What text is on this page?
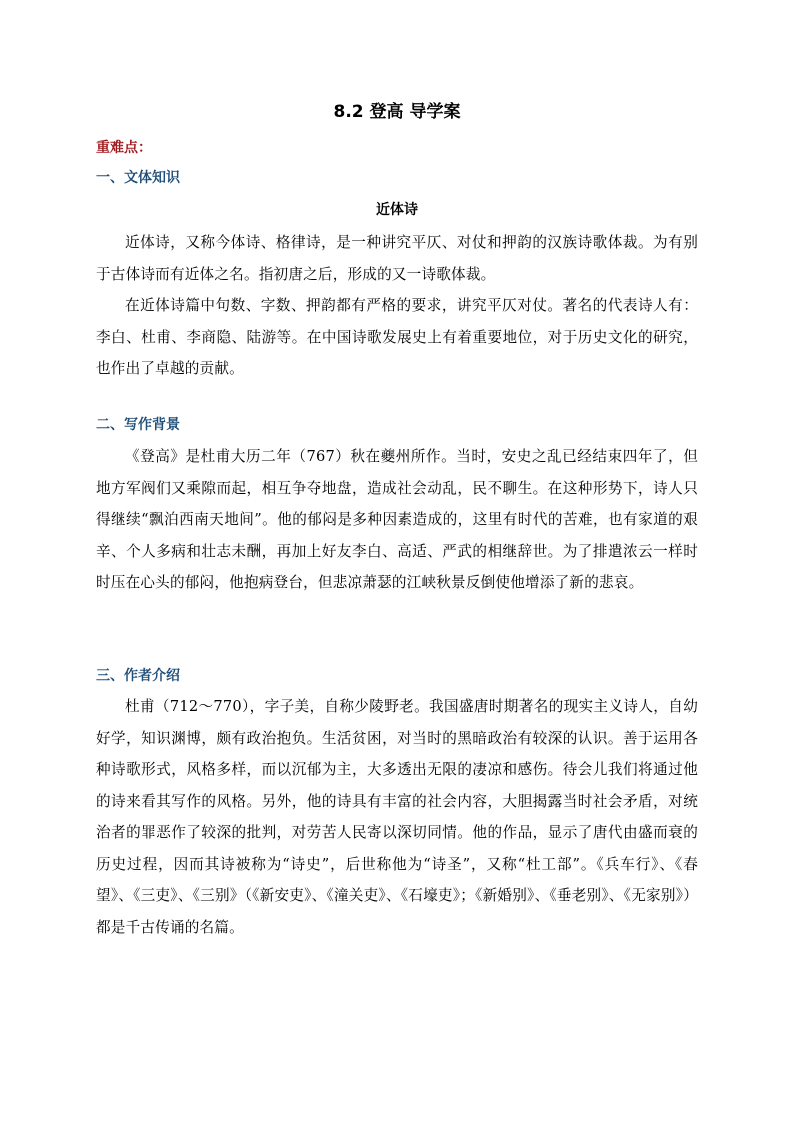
8.2 登高 导学案
重难点：
一、文体知识
近体诗

近体诗，又称今体诗、格律诗，是一种讲究平仄、对仗和押韵的汉族诗歌体裁。为有别于古体诗而有近体之名。指初唐之后，形成的又一诗歌体裁。

在近体诗篇中句数、字数、押韵都有严格的要求，讲究平仄对仗。著名的代表诗人有：李白、杜甫、李商隐、陆游等。在中国诗歌发展史上有着重要地位，对于历史文化的研究，也作出了卓越的贡献。

二、写作背景

《登高》是杜甫大历二年（767）秋在夔州所作。当时，安史之乱已经结束四年了，但地方军阀们又乘隙而起，相互争夺地盘，造成社会动乱，民不聊生。在这种形势下，诗人只得继续“飘泊西南天地间”。他的郁闷是多种因素造成的，这里有时代的苦难，也有家道的艰辛、个人多病和壮志未酬，再加上好友李白、高适、严武的相继辞世。为了排遣浓云一样时时压在心头的郁闷，他抱病登台，但悲凉萧瑟的江峡秋景反倒使他增添了新的悲哀。

三、作者介绍

杜甫（712～770），字子美，自称少陵野老。我国盛唐时期著名的现实主义诗人，自幼好学，知识渊博，颇有政治抱负。生活贫困，对当时的黑暗政治有较深的认识。善于运用各种诗歌形式，风格多样，而以沉郁为主，大多透出无限的凄凉和感伤。待会儿我们将通过他的诗来看其写作的风格。另外，他的诗具有丰富的社会内容，大胆揭露当时社会矛盾，对统治者的罪恶作了较深的批判，对劳苦人民寄以深切同情。他的作品，显示了唐代由盛而衰的历史过程，因而其诗被称为“诗史”，后世称他为“诗圣”，又称“杜工部”。《兵车行》、《春望》、《三吏》、《三别》（《新安吏》、《潼关吏》、《石壕吏》；《新婚别》、《垂老别》、《无家别》）都是千古传诵的名篇。
